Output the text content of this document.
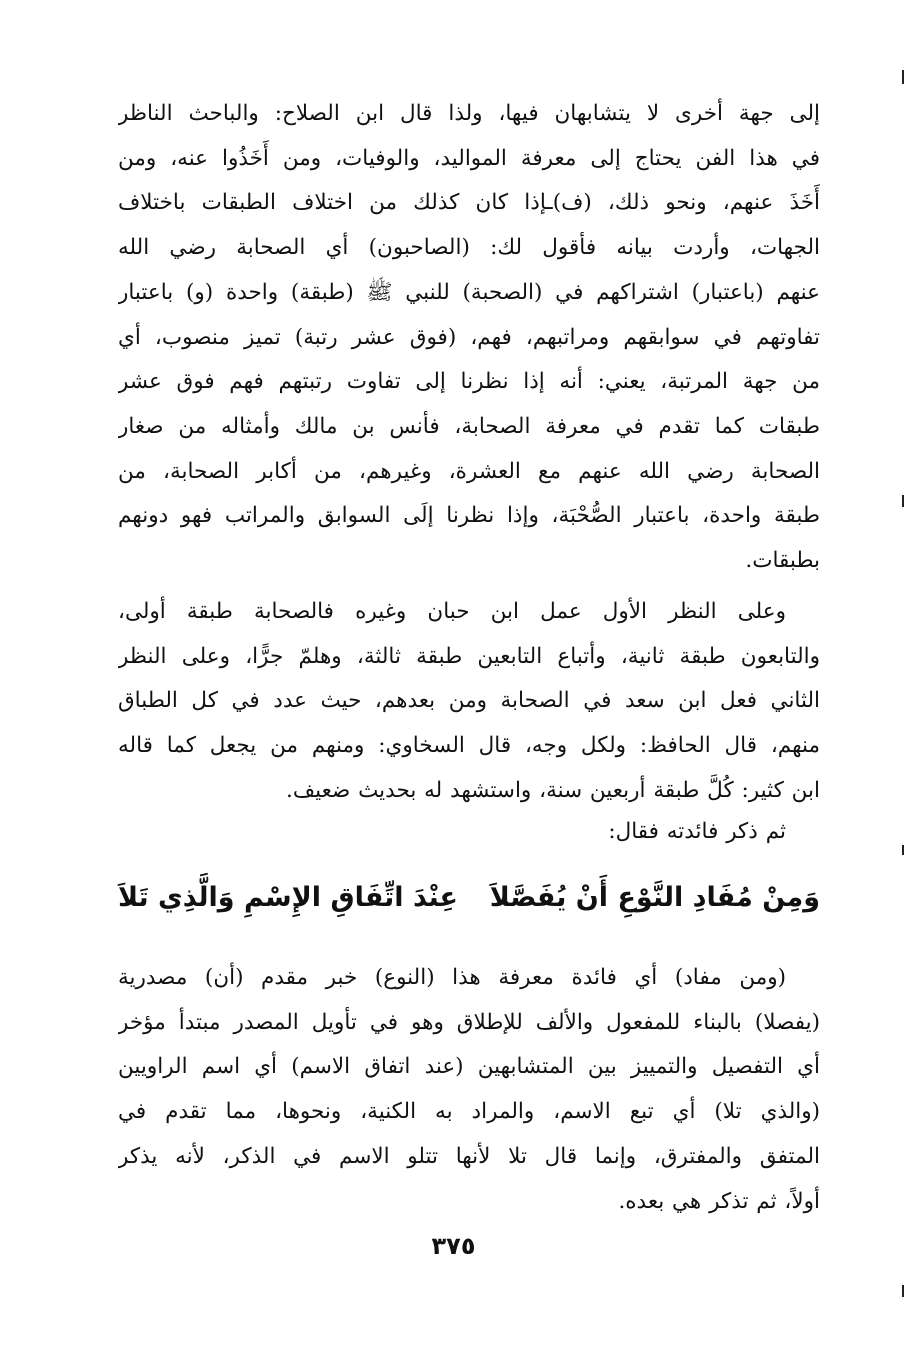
إلى جهة أخرى لا يتشابهان فيها، ولذا قال ابن الصلاح: والباحث الناظر
في هذا الفن يحتاج إلى معرفة المواليد، والوفيات، ومن أَخَذُوا عنه، ومن
أَخَذَ عنهم، ونحو ذلك، (ف)ـإذا كان كذلك من اختلاف الطبقات باختلاف
الجهات، وأردت بيانه فأقول لك: (الصاحبون) أي الصحابة رضي الله
عنهم (باعتبار) اشتراكهم في (الصحبة) للنبي ﷺ (طبقة) واحدة (و) باعتبار
تفاوتهم في سوابقهم ومراتبهم، فهم، (فوق عشر رتبة) تميز منصوب، أي
من جهة المرتبة، يعني: أنه إذا نظرنا إلى تفاوت رتبتهم فهم فوق عشر
طبقات كما تقدم في معرفة الصحابة، فأنس بن مالك وأمثاله من صغار
الصحابة رضي الله عنهم مع العشرة، وغيرهم، من أكابر الصحابة، من
طبقة واحدة، باعتبار الصُّحْبَة، وإذا نظرنا إلَى السوابق والمراتب فهو دونهم
بطبقات.
وعلى النظر الأول عمل ابن حبان وغيره فالصحابة طبقة أولى،
والتابعون طبقة ثانية، وأتباع التابعين طبقة ثالثة، وهلمّ جرًّا، وعلى النظر
الثاني فعل ابن سعد في الصحابة ومن بعدهم، حيث عدد في كل الطباق
منهم، قال الحافظ: ولكل وجه، قال السخاوي: ومنهم من يجعل كما قاله
ابن كثير: كُلَّ طبقة أربعين سنة، واستشهد له بحديث ضعيف.
ثم ذكر فائدته فقال:
وَمِنْ مُفَادِ النَّوْعِ أَنْ يُفَصَّلاَ
عِنْدَ اتِّفَاقِ الإِسْمِ وَالَّذِي تَلاَ
(ومن مفاد) أي فائدة معرفة هذا (النوع) خبر مقدم (أن) مصدرية
(يفصلا) بالبناء للمفعول والألف للإطلاق وهو في تأويل المصدر مبتدأ مؤخر
أي التفصيل والتمييز بين المتشابهين (عند اتفاق الاسم) أي اسم الراويين
(والذي تلا) أي تبع الاسم، والمراد به الكنية، ونحوها، مما تقدم في
المتفق والمفترق، وإنما قال تلا لأنها تتلو الاسم في الذكر، لأنه يذكر
أولاً، ثم تذكر هي بعده.
٣٧٥
